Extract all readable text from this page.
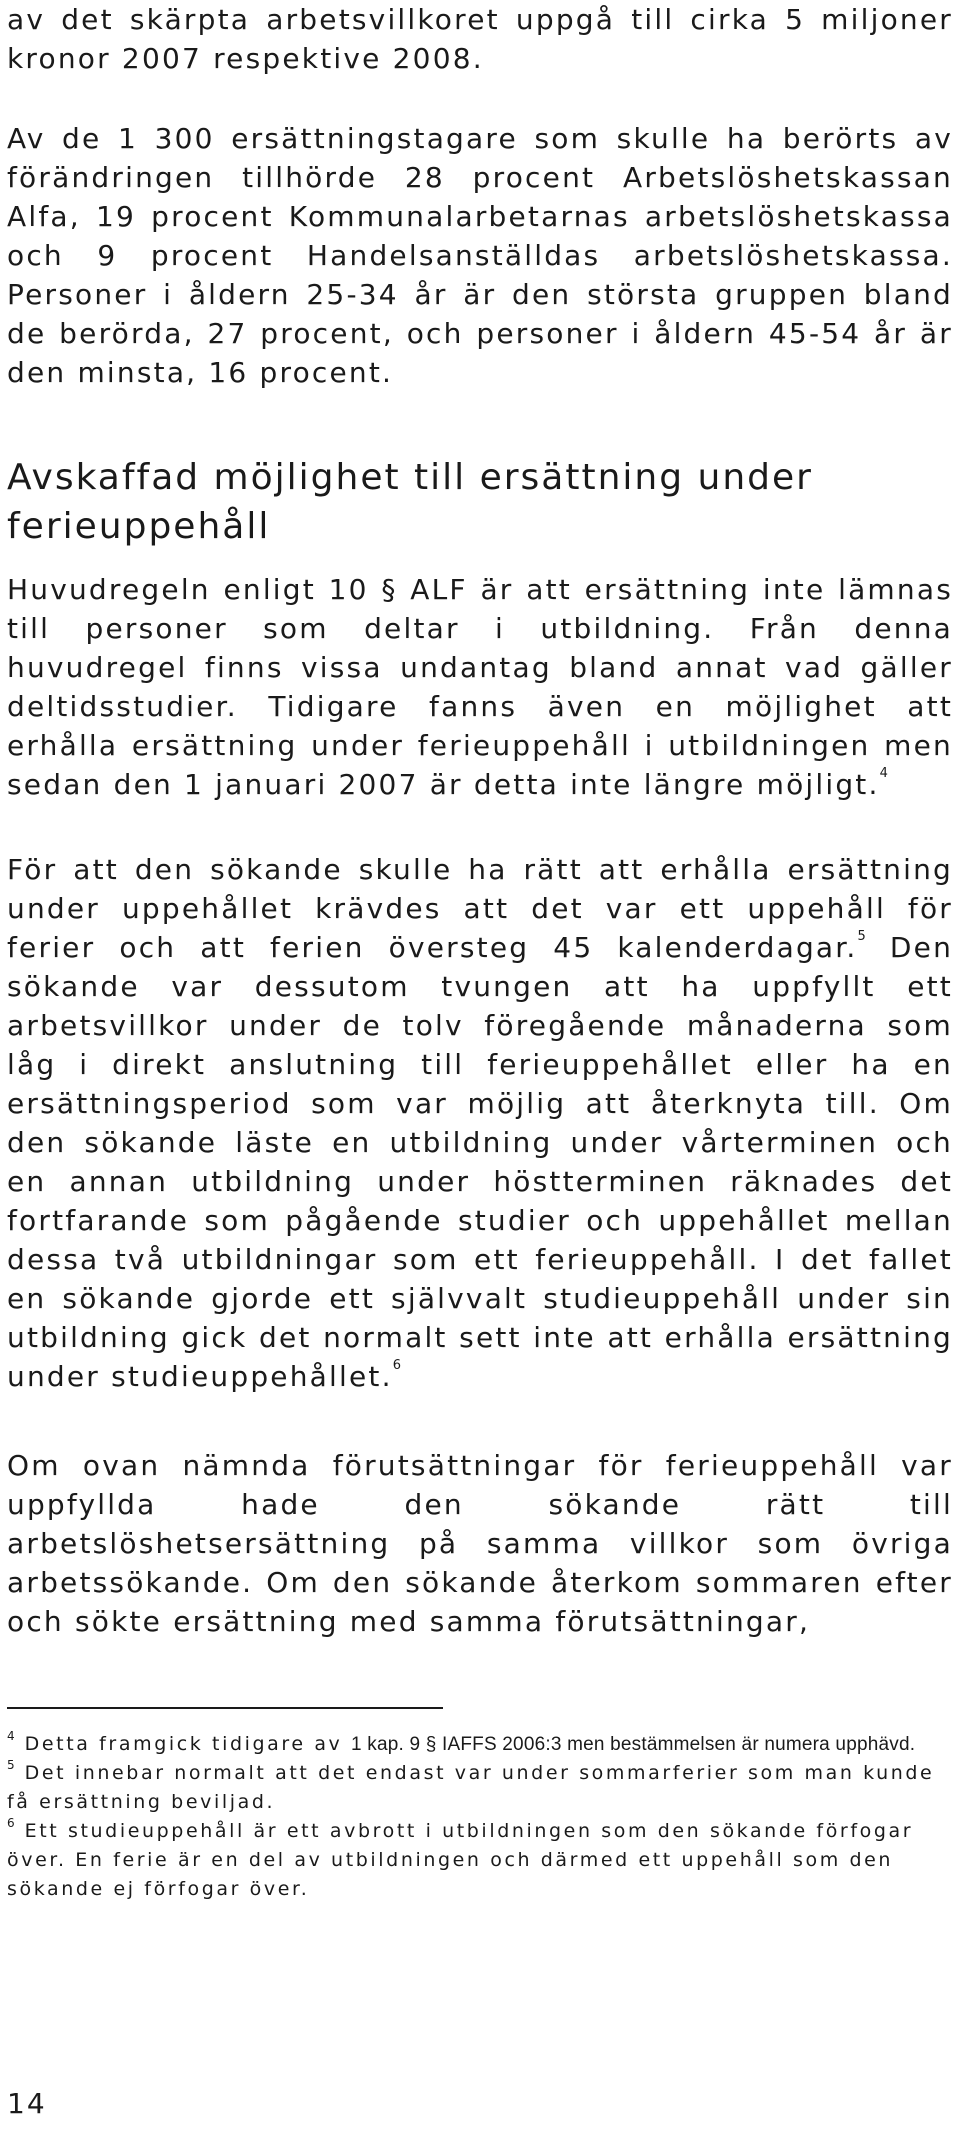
av det skärpta arbetsvillkoret uppgå till cirka 5 miljoner kronor 2007 respektive 2008.

Av de 1 300 ersättningstagare som skulle ha berörts av förändringen tillhörde 28 procent Arbetslöshetskassan Alfa, 19 procent Kommunalarbetarnas arbetslöshetskassa och 9 procent Handelsanställdas arbetslöshetskassa. Personer i åldern 25-34 år är den största gruppen bland de berörda, 27 procent, och personer i åldern 45-54 år är den minsta, 16 procent.

Avskaffad möjlighet till ersättning under ferieuppehåll

Huvudregeln enligt 10 § ALF är att ersättning inte lämnas till personer som deltar i utbildning. Från denna huvudregel finns vissa undantag bland annat vad gäller deltidsstudier. Tidigare fanns även en möjlighet att erhålla ersättning under ferieuppehåll i utbildningen men sedan den 1 januari 2007 är detta inte längre möjligt.$^4$

För att den sökande skulle ha rätt att erhålla ersättning under uppehållet krävdes att det var ett uppehåll för ferier och att ferien översteg 45 kalenderdagar.$^5$ Den sökande var dessutom tvungen att ha uppfyllt ett arbetsvillkor under de tolv föregående månaderna som låg i direkt anslutning till ferieuppehållet eller ha en ersättningsperiod som var möjlig att återknyta till. Om den sökande läste en utbildning under vårterminen och en annan utbildning under höstterminen räknades det fortfarande som pågående studier och uppehållet mellan dessa två utbildningar som ett ferieuppehåll. I det fallet en sökande gjorde ett självvalt studieuppehåll under sin utbildning gick det normalt sett inte att erhålla ersättning under studieuppehållet.$^6$

Om ovan nämnda förutsättningar för ferieuppehåll var uppfyllda hade den sökande rätt till arbetslöshetsersättning på samma villkor som övriga arbetssökande. Om den sökande återkom sommaren efter och sökte ersättning med samma förutsättningar,

$^4$ Detta framgick tidigare av 1 kap. 9 § IAFFS 2006:3 men bestämmelsen är numera upphävd.

$^5$ Det innebar normalt att det endast var under sommarferier som man kunde få ersättning beviljad.

$^6$ Ett studieuppehåll är ett avbrott i utbildningen som den sökande förfogar över. En ferie är en del av utbildningen och därmed ett uppehåll som den sökande ej förfogar över.

14
